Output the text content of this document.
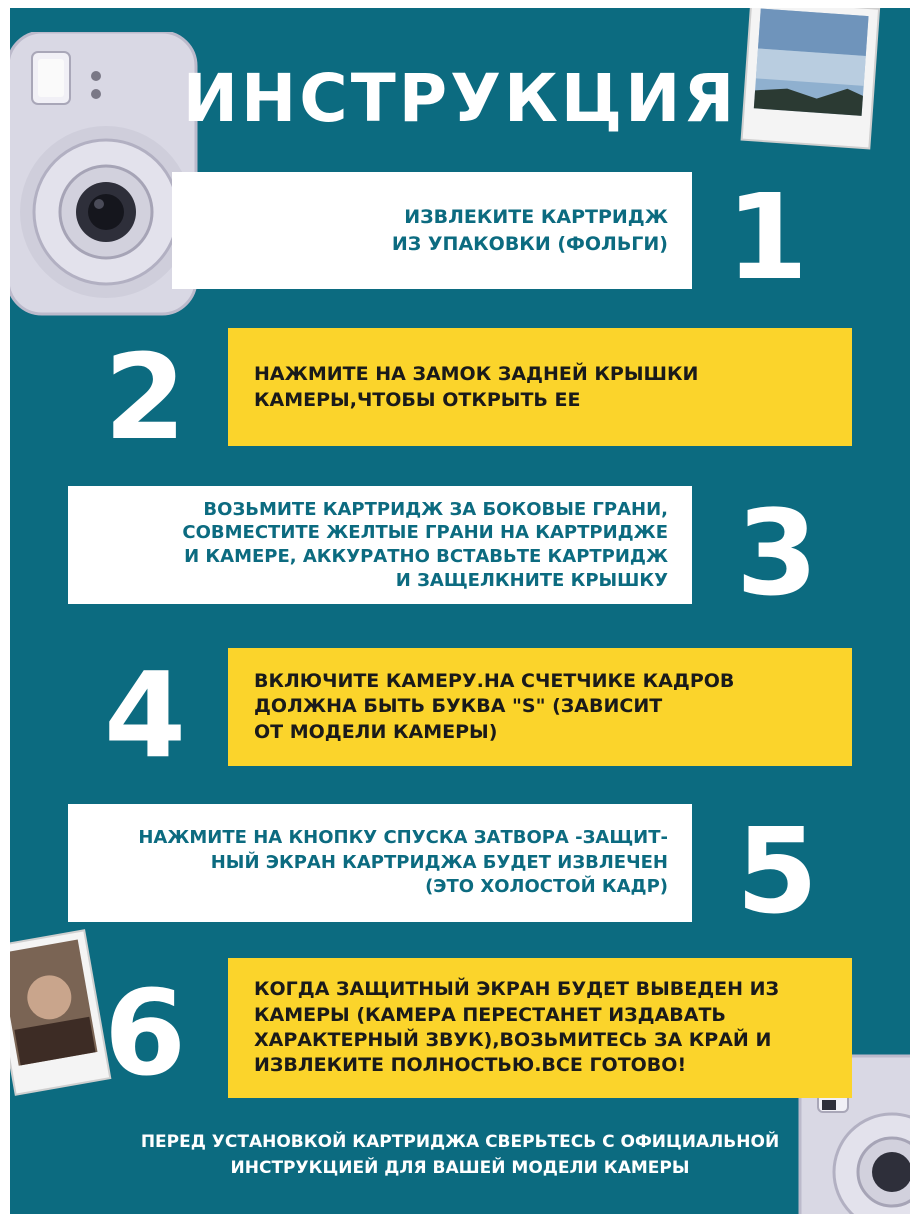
ИНСТРУКЦИЯ
ИЗВЛЕКИТЕ КАРТРИДЖ
ИЗ УПАКОВКИ (ФОЛЬГИ) 1
2	НАЖМИТЕ НА ЗАМОК ЗАДНЕЙ КРЫШКИ
КАМЕРЫ,ЧТОБЫ ОТКРЫТЬ ЕЕ
ВОЗЬМИТЕ КАРТРИДЖ ЗА БОКОВЫЕ ГРАНИ,
СОВМЕСТИТЕ ЖЕЛТЫЕ ГРАНИ НА КАРТРИДЖЕ
И КАМЕРЕ, АККУРАТНО ВСТАВЬТЕ КАРТРИДЖ
И ЗАЩЕЛКНИТЕ КРЫШКУ 3
4	ВКЛЮЧИТЕ КАМЕРУ.НА СЧЕТЧИКЕ КАДРОВ
ДОЛЖНА БЫТЬ БУКВА "S" (ЗАВИСИТ
ОТ МОДЕЛИ КАМЕРЫ)
НАЖМИТЕ НА КНОПКУ СПУСКА ЗАТВОРА -ЗАЩИТ-
НЫЙ ЭКРАН КАРТРИДЖА БУДЕТ ИЗВЛЕЧЕН
(ЭТО ХОЛОСТОЙ КАДР) 5
6	КОГДА ЗАЩИТНЫЙ ЭКРАН БУДЕТ ВЫВЕДЕН ИЗ
КАМЕРЫ (КАМЕРА ПЕРЕСТАНЕТ ИЗДАВАТЬ
ХАРАКТЕРНЫЙ ЗВУК),ВОЗЬМИТЕСЬ ЗА КРАЙ И
ИЗВЛЕКИТЕ ПОЛНОСТЬЮ.ВСЕ ГОТОВО!
ПЕРЕД УСТАНОВКОЙ КАРТРИДЖА СВЕРЬТЕСЬ С ОФИЦИАЛЬНОЙ
ИНСТРУКЦИЕЙ ДЛЯ ВАШЕЙ МОДЕЛИ КАМЕРЫ
